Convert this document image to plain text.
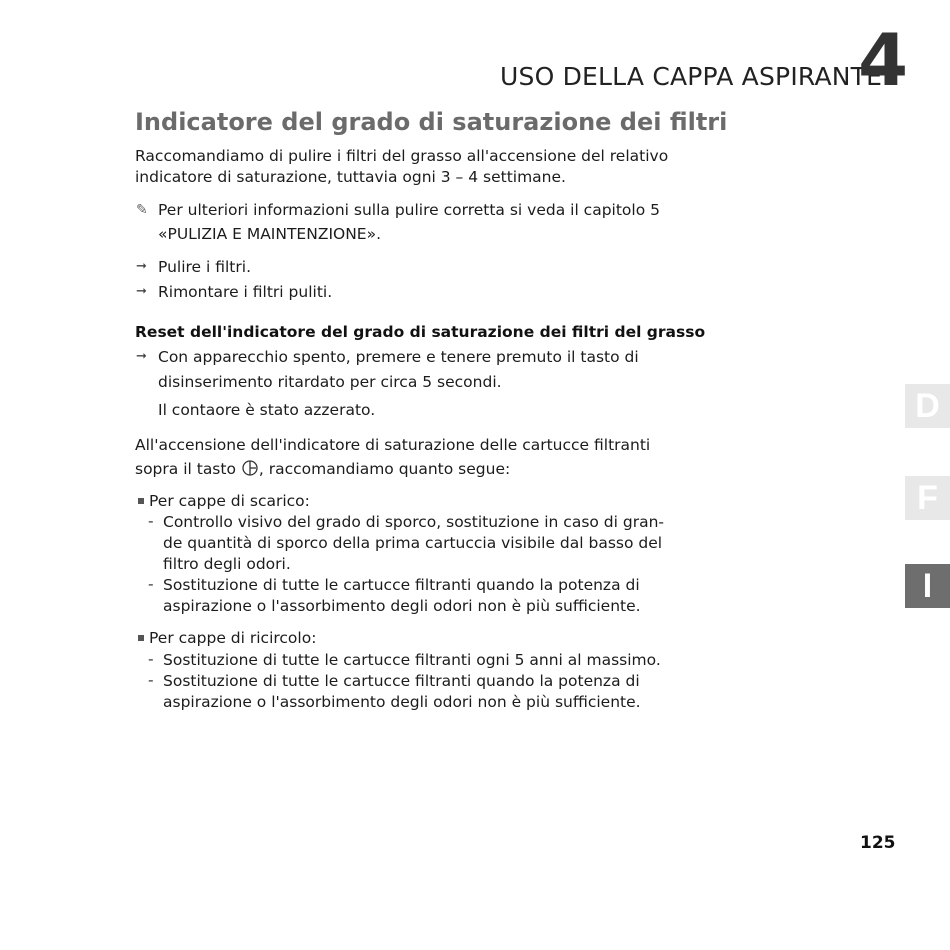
USO DELLA CAPPA ASPIRANTE
4
Indicatore del grado di saturazione dei filtri
Raccomandiamo di pulire i filtri del grasso all'accensione del relativo
indicatore di saturazione, tuttavia ogni 3 – 4 settimane.
✎ Per ulteriori informazioni sulla pulire corretta si veda il capitolo 5
«PULIZIA E MAINTENZIONE».
➞ Pulire i filtri.
➞ Rimontare i filtri puliti.
Reset dell'indicatore del grado di saturazione dei filtri del grasso
➞ Con apparecchio spento, premere e tenere premuto il tasto di
disinserimento ritardato per circa 5 secondi.
Il contaore è stato azzerato.
All'accensione dell'indicatore di saturazione delle cartucce filtranti
sopra il tasto , raccomandiamo quanto segue:
Per cappe di scarico:
- Controllo visivo del grado di sporco, sostituzione in caso di gran-
de quantità di sporco della prima cartuccia visibile dal basso del
filtro degli odori.
- Sostituzione di tutte le cartucce filtranti quando la potenza di
aspirazione o l'assorbimento degli odori non è più sufficiente.
Per cappe di ricircolo:
- Sostituzione di tutte le cartucce filtranti ogni 5 anni al massimo.
- Sostituzione di tutte le cartucce filtranti quando la potenza di
aspirazione o l'assorbimento degli odori non è più sufficiente.
D
F
I
125
